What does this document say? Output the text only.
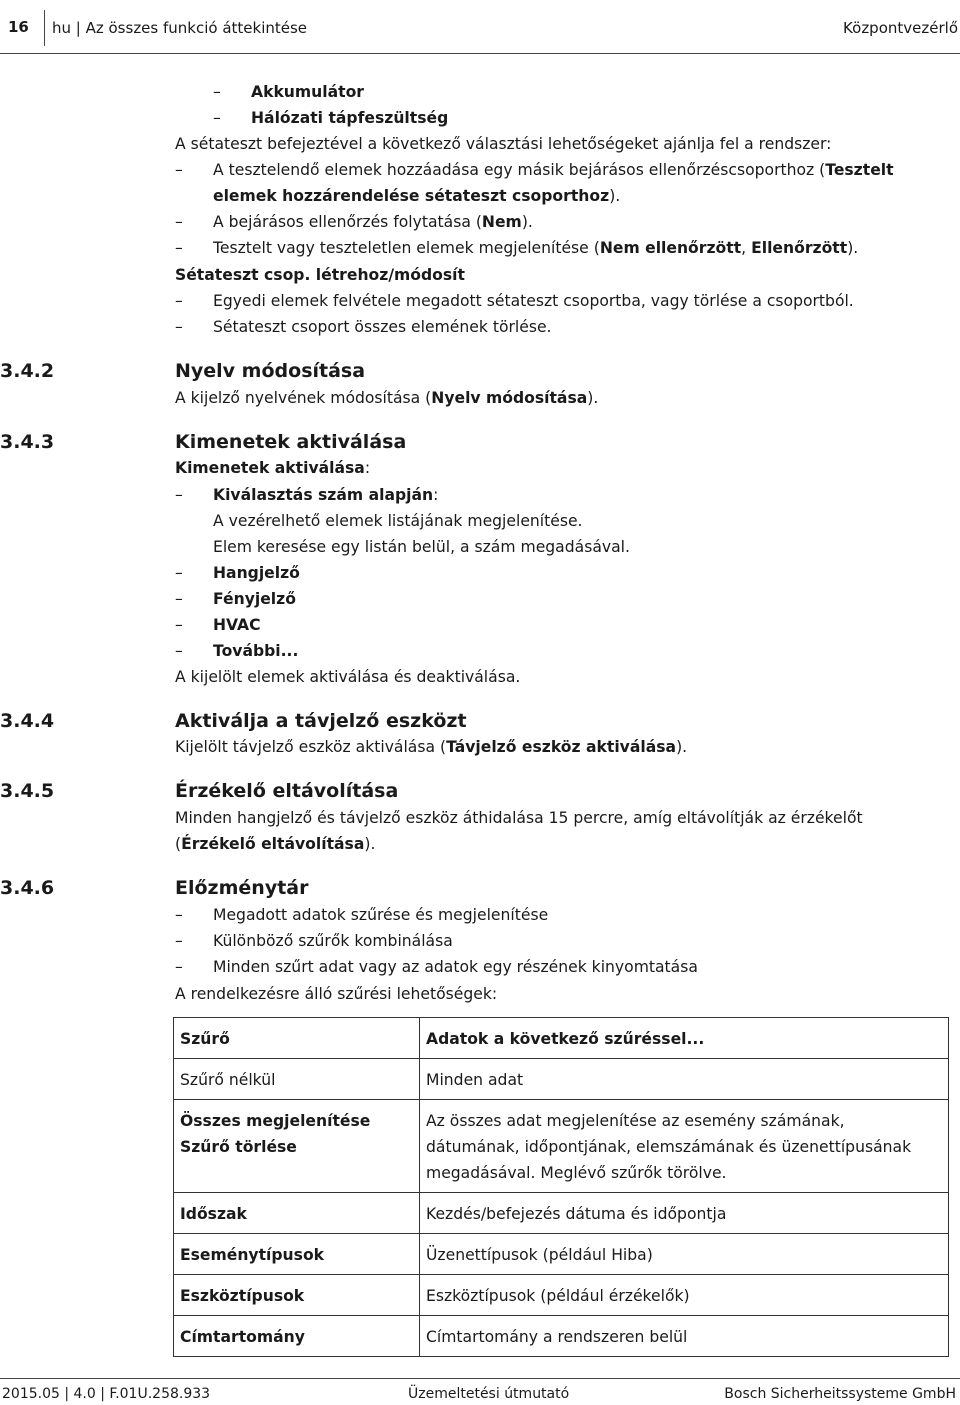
16 hu | Az összes funkció áttekintése	Központvezérlő
– Akkumulátor
– Hálózati tápfeszültség
A sétateszt befejeztével a következő választási lehetőségeket ajánlja fel a rendszer:
– A tesztelendő elemek hozzáadása egy másik bejárásos ellenőrzéscsoporthoz (Tesztelt
elemek hozzárendelése sétateszt csoporthoz).
– A bejárásos ellenőrzés folytatása (Nem).
– Tesztelt vagy teszteletlen elemek megjelenítése (Nem ellenőrzött, Ellenőrzött).
Sétateszt csop. létrehoz/módosít
– Egyedi elemek felvétele megadott sétateszt csoportba, vagy törlése a csoportból.
– Sétateszt csoport összes elemének törlése.
3.4.2	Nyelv módosítása
A kijelző nyelvének módosítása (Nyelv módosítása).
3.4.3	Kimenetek aktiválása
Kimenetek aktiválása:
– Kiválasztás szám alapján:
A vezérelhető elemek listájának megjelenítése.
Elem keresése egy listán belül, a szám megadásával.
– Hangjelző
– Fényjelző
– HVAC
– További...
A kijelölt elemek aktiválása és deaktiválása.
3.4.4	Aktiválja a távjelző eszközt
Kijelölt távjelző eszköz aktiválása (Távjelző eszköz aktiválása).
3.4.5	Érzékelő eltávolítása
Minden hangjelző és távjelző eszköz áthidalása 15 percre, amíg eltávolítják az érzékelőt
(Érzékelő eltávolítása).
3.4.6	Előzménytár
– Megadott adatok szűrése és megjelenítése
– Különböző szűrők kombinálása
– Minden szűrt adat vagy az adatok egy részének kinyomtatása
A rendelkezésre álló szűrési lehetőségek:
Szűrő	Adatok a következő szűréssel...
Szűrő nélkül	Minden adat
Összes megjelenítése
Szűrő törlése	Az összes adat megjelenítése az esemény számának,
dátumának, időpontjának, elemszámának és üzenettípusának
megadásával. Meglévő szűrők törölve.
Időszak	Kezdés/befejezés dátuma és időpontja
Eseménytípusok	Üzenettípusok (például Hiba)
Eszköztípusok	Eszköztípusok (például érzékelők)
Címtartomány	Címtartomány a rendszeren belül
2015.05 | 4.0 | F.01U.258.933	Üzemeltetési útmutató	Bosch Sicherheitssysteme GmbH
